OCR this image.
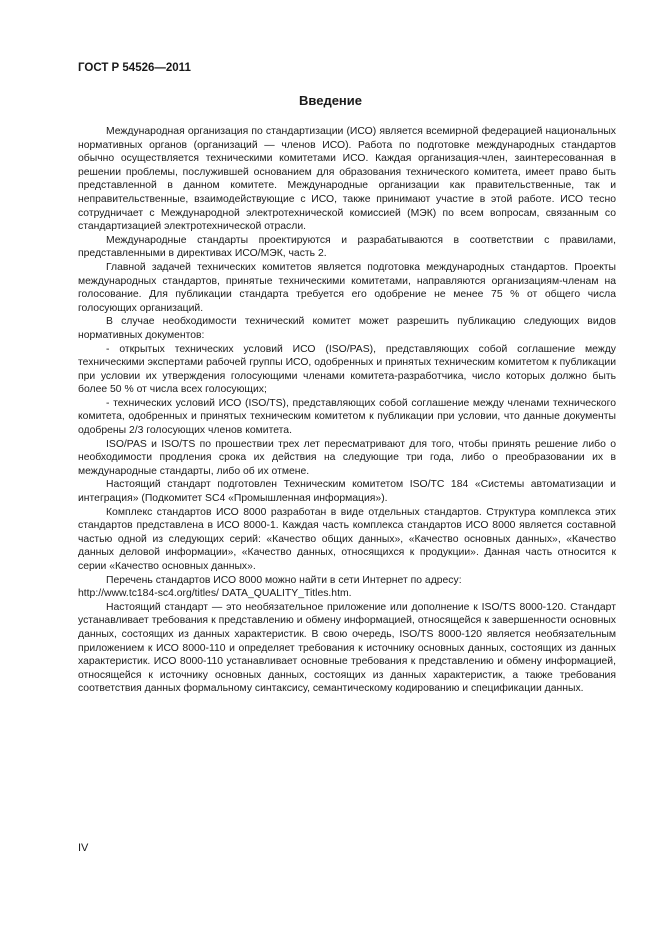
ГОСТ Р 54526—2011
Введение

Международная организация по стандартизации (ИСО) является всемирной федерацией национальных нормативных органов (организаций — членов ИСО). Работа по подготовке международных стандартов обычно осуществляется техническими комитетами ИСО. Каждая организация-член, заинтересованная в решении проблемы, послужившей основанием для образования технического комитета, имеет право быть представленной в данном комитете. Международные организации как правительственные, так и неправительственные, взаимодействующие с ИСО, также принимают участие в этой работе. ИСО тесно сотрудничает с Международной электротехнической комиссией (МЭК) по всем вопросам, связанным со стандартизацией электротехнической отрасли.

Международные стандарты проектируются и разрабатываются в соответствии с правилами, представленными в директивах ИСО/МЭК, часть 2.

Главной задачей технических комитетов является подготовка международных стандартов. Проекты международных стандартов, принятые техническими комитетами, направляются организациям-членам на голосование. Для публикации стандарта требуется его одобрение не менее 75 % от общего числа голосующих организаций.

В случае необходимости технический комитет может разрешить публикацию следующих видов нормативных документов:

- открытых технических условий ИСО (ISO/PAS), представляющих собой соглашение между техническими экспертами рабочей группы ИСО, одобренных и принятых техническим комитетом к публикации при условии их утверждения голосующими членами комитета-разработчика, число которых должно быть более 50 % от числа всех голосующих;

- технических условий ИСО (ISO/TS), представляющих собой соглашение между членами технического комитета, одобренных и принятых техническим комитетом к публикации при условии, что данные документы одобрены 2/3 голосующих членов комитета.

ISO/PAS и ISO/TS по прошествии трех лет пересматривают для того, чтобы принять решение либо о необходимости продления срока их действия на следующие три года, либо о преобразовании их в международные стандарты, либо об их отмене.

Настоящий стандарт подготовлен Техническим комитетом ISO/TC 184 «Системы автоматизации и интеграция» (Подкомитет SC4 «Промышленная информация»).

Комплекс стандартов ИСО 8000 разработан в виде отдельных стандартов. Структура комплекса этих стандартов представлена в ИСО 8000-1. Каждая часть комплекса стандартов ИСО 8000 является составной частью одной из следующих серий: «Качество общих данных», «Качество основных данных», «Качество данных деловой информации», «Качество данных, относящихся к продукции». Данная часть относится к серии «Качество основных данных».

Перечень стандартов ИСО 8000 можно найти в сети Интернет по адресу:

http://www.tc184-sc4.org/titles/ DATA_QUALITY_Titles.htm.

Настоящий стандарт — это необязательное приложение или дополнение к ISO/TS 8000-120. Стандарт устанавливает требования к представлению и обмену информацией, относящейся к завершенности основных данных, состоящих из данных характеристик. В свою очередь, ISO/TS 8000-120 является необязательным приложением к ИСО 8000-110 и определяет требования к источнику основных данных, состоящих из данных характеристик. ИСО 8000-110 устанавливает основные требования к представлению и обмену информацией, относящейся к источнику основных данных, состоящих из данных характеристик, а также требования соответствия данных формальному синтаксису, семантическому кодированию и спецификации данных.

IV
